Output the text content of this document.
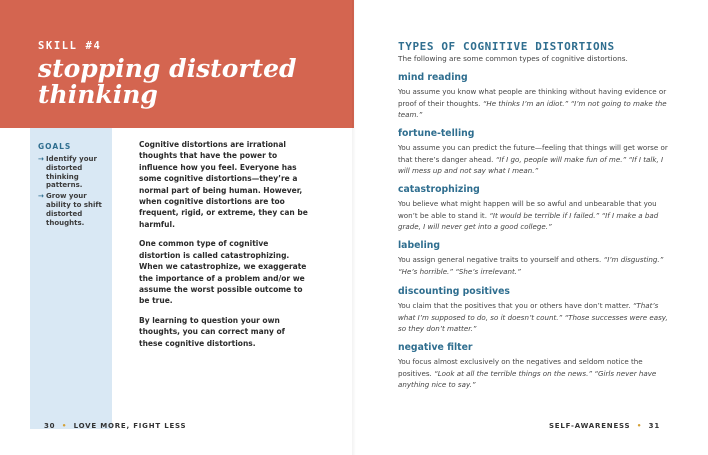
SKILL #4
stopping distorted thinking
GOALS
→ Identify your distorted thinking patterns.
→ Grow your ability to shift distorted thoughts.

Cognitive distortions are irrational thoughts that have the power to influence how you feel. Everyone has some cognitive distortions—they’re a normal part of being human. However, when cognitive distortions are too frequent, rigid, or extreme, they can be harmful.

One common type of cognitive distortion is called catastrophizing. When we catastrophize, we exaggerate the importance of a problem and/or we assume the worst possible outcome to be true.

By learning to question your own thoughts, you can correct many of these cognitive distortions.

30  •  LOVE MORE, FIGHT LESS
TYPES OF COGNITIVE DISTORTIONS
The following are some common types of cognitive distortions.
mind reading

You assume you know what people are thinking without having evidence or proof of their thoughts. “He thinks I’m an idiot.” “I’m not going to make the team.”

fortune-telling

You assume you can predict the future—feeling that things will get worse or that there’s danger ahead. “If I go, people will make fun of me.” “If I talk, I will mess up and not say what I mean.”

catastrophizing

You believe what might happen will be so awful and unbearable that you won’t be able to stand it. “It would be terrible if I failed.” “If I make a bad grade, I will never get into a good college.”

labeling

You assign general negative traits to yourself and others. “I’m disgusting.” “He’s horrible.” “She’s irrelevant.”

discounting positives

You claim that the positives that you or others have don’t matter. “That’s what I’m supposed to do, so it doesn’t count.” “Those successes were easy, so they don’t matter.”

negative filter

You focus almost exclusively on the negatives and seldom notice the positives. “Look at all the terrible things on the news.” “Girls never have anything nice to say.”

SELF-AWARENESS  •  31
